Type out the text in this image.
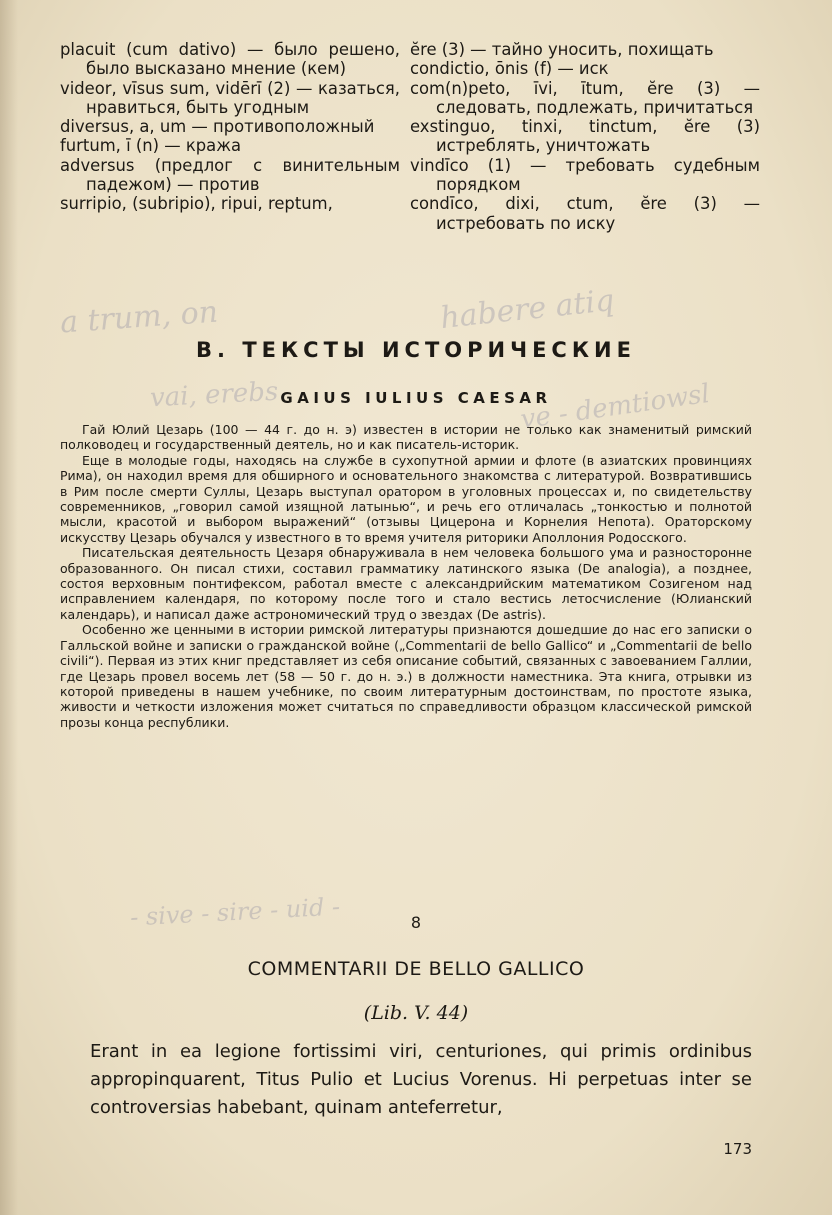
placuit (cum dativo) — было решено, было высказано мнение (кем)

videor, vīsus sum, vidērī (2) — казаться, нравиться, быть угодным

diversus, a, um — противоположный

furtum, ī (n) — кража

adversus (предлог с винительным падежом) — против

surripio, (subripio), ripui, reptum,

ĕre (3) — тайно уносить, похищать

condictio, ōnis (f) — иск

com(n)peto, īvi, ītum, ĕre (3) — следовать, подлежать, причитаться

exstinguo, tinxi, tinctum, ĕre (3) истреблять, уничтожать

vindīco (1) — требовать судебным порядком

condīco, dixi, ctum, ĕre (3) — истребовать по иску

a trum, on	habere atiq
vai, erebs	ve - demtiowsl
- sive - sire - uid -
B. ТЕКСТЫ ИСТОРИЧЕСКИЕ
GAIUS IULIUS CAESAR

Гай Юлий Цезарь (100 — 44 г. до н. э) известен в истории не только как знаменитый римский полководец и государственный деятель, но и как писатель-историк.

Еще в молодые годы, находясь на службе в сухопутной армии и флоте (в азиатских провинциях Рима), он находил время для обширного и основательного знакомства с литературой. Возвратившись в Рим после смерти Суллы, Цезарь выступал оратором в уголовных процессах и, по свидетельству современников, „говорил самой изящной латынью“, и речь его отличалась „тонкостью и полнотой мысли, красотой и выбором выражений“ (отзывы Цицерона и Корнелия Непота). Ораторскому искусству Цезарь обучался у известного в то время учителя риторики Аполлония Родосского.

Писательская деятельность Цезаря обнаруживала в нем человека большого ума и разносторонне образованного. Он писал стихи, составил грамматику латинского языка (De analogia), а позднее, состоя верховным понтифексом, работал вместе с александрийским математиком Созигеном над исправлением календаря, по которому после того и стало вестись летосчисление (Юлианский календарь), и написал даже астрономический труд о звездах (De astris).

Особенно же ценными в истории римской литературы признаются дошедшие до нас его записки о Галльской войне и записки о гражданской войне („Commentarii de bello Gallico“ и „Commentarii de bello civili“). Первая из этих книг представляет из себя описание событий, связанных с завоеванием Галлии, где Цезарь провел восемь лет (58 — 50 г. до н. э.) в должности наместника. Эта книга, отрывки из которой приведены в нашем учебнике, по своим литературным достоинствам, по простоте языка, живости и четкости изложения может считаться по справедливости образцом классической римской прозы конца республики.

8

COMMENTARII DE BELLO GALLICO

(Lib. V. 44)

Erant in ea legione fortissimi viri, centuriones, qui primis ordinibus appropinquarent, Titus Pulio et Lucius Vorenus. Hi perpetuas inter se controversias habebant, quinam anteferretur,

173
